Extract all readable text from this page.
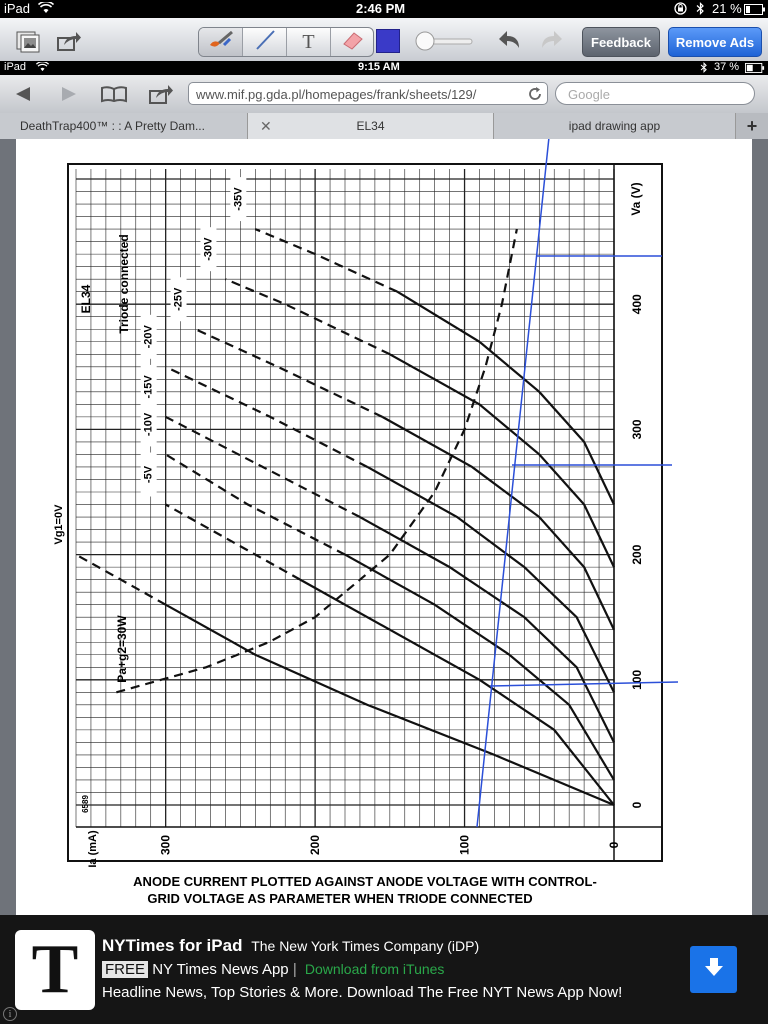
iPad	2:46 PM	21 %
T	Feedback	Remove Ads
iPad	9:15 AM	37 %
www.mif.pg.gda.pl/homepages/frank/sheets/129/	Google
DeathTrap400™ : : A Pretty Dam...	✕	EL34	ipad drawing app	+
0
100
200
300
400
0
100
200
300
Triode connected
EL34
Pa+g2=30W
Va (V)
Ia (mA)
6589
Vg1=0V
-5V
-10V
-15V
-20V
-25V
-30V
-35V
ANODE CURRENT PLOTTED AGAINST ANODE VOLTAGE WITH CONTROL-
GRID VOLTAGE AS PARAMETER WHEN TRIODE CONNECTED
T NYTimes for iPad The New York Times Company (iDP)
FREE NY Times News App | Download from iTunes
Headline News, Top Stories & More. Download The Free NYT News App Now!
i
